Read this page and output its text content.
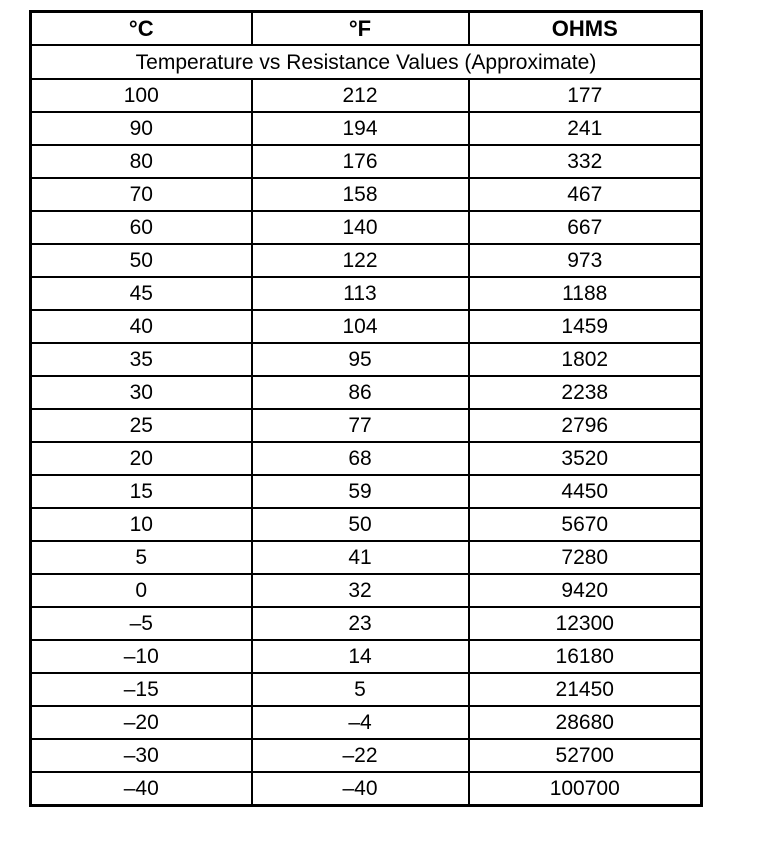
°C	°F	OHMS
Temperature vs Resistance Values (Approximate)		
100	212	177
90	194	241
80	176	332
70	158	467
60	140	667
50	122	973
45	113	1188
40	104	1459
35	95	1802
30	86	2238
25	77	2796
20	68	3520
15	59	4450
10	50	5670
5	41	7280
0	32	9420
–5	23	12300
–10	14	16180
–15	5	21450
–20	–4	28680
–30	–22	52700
–40	–40	100700
